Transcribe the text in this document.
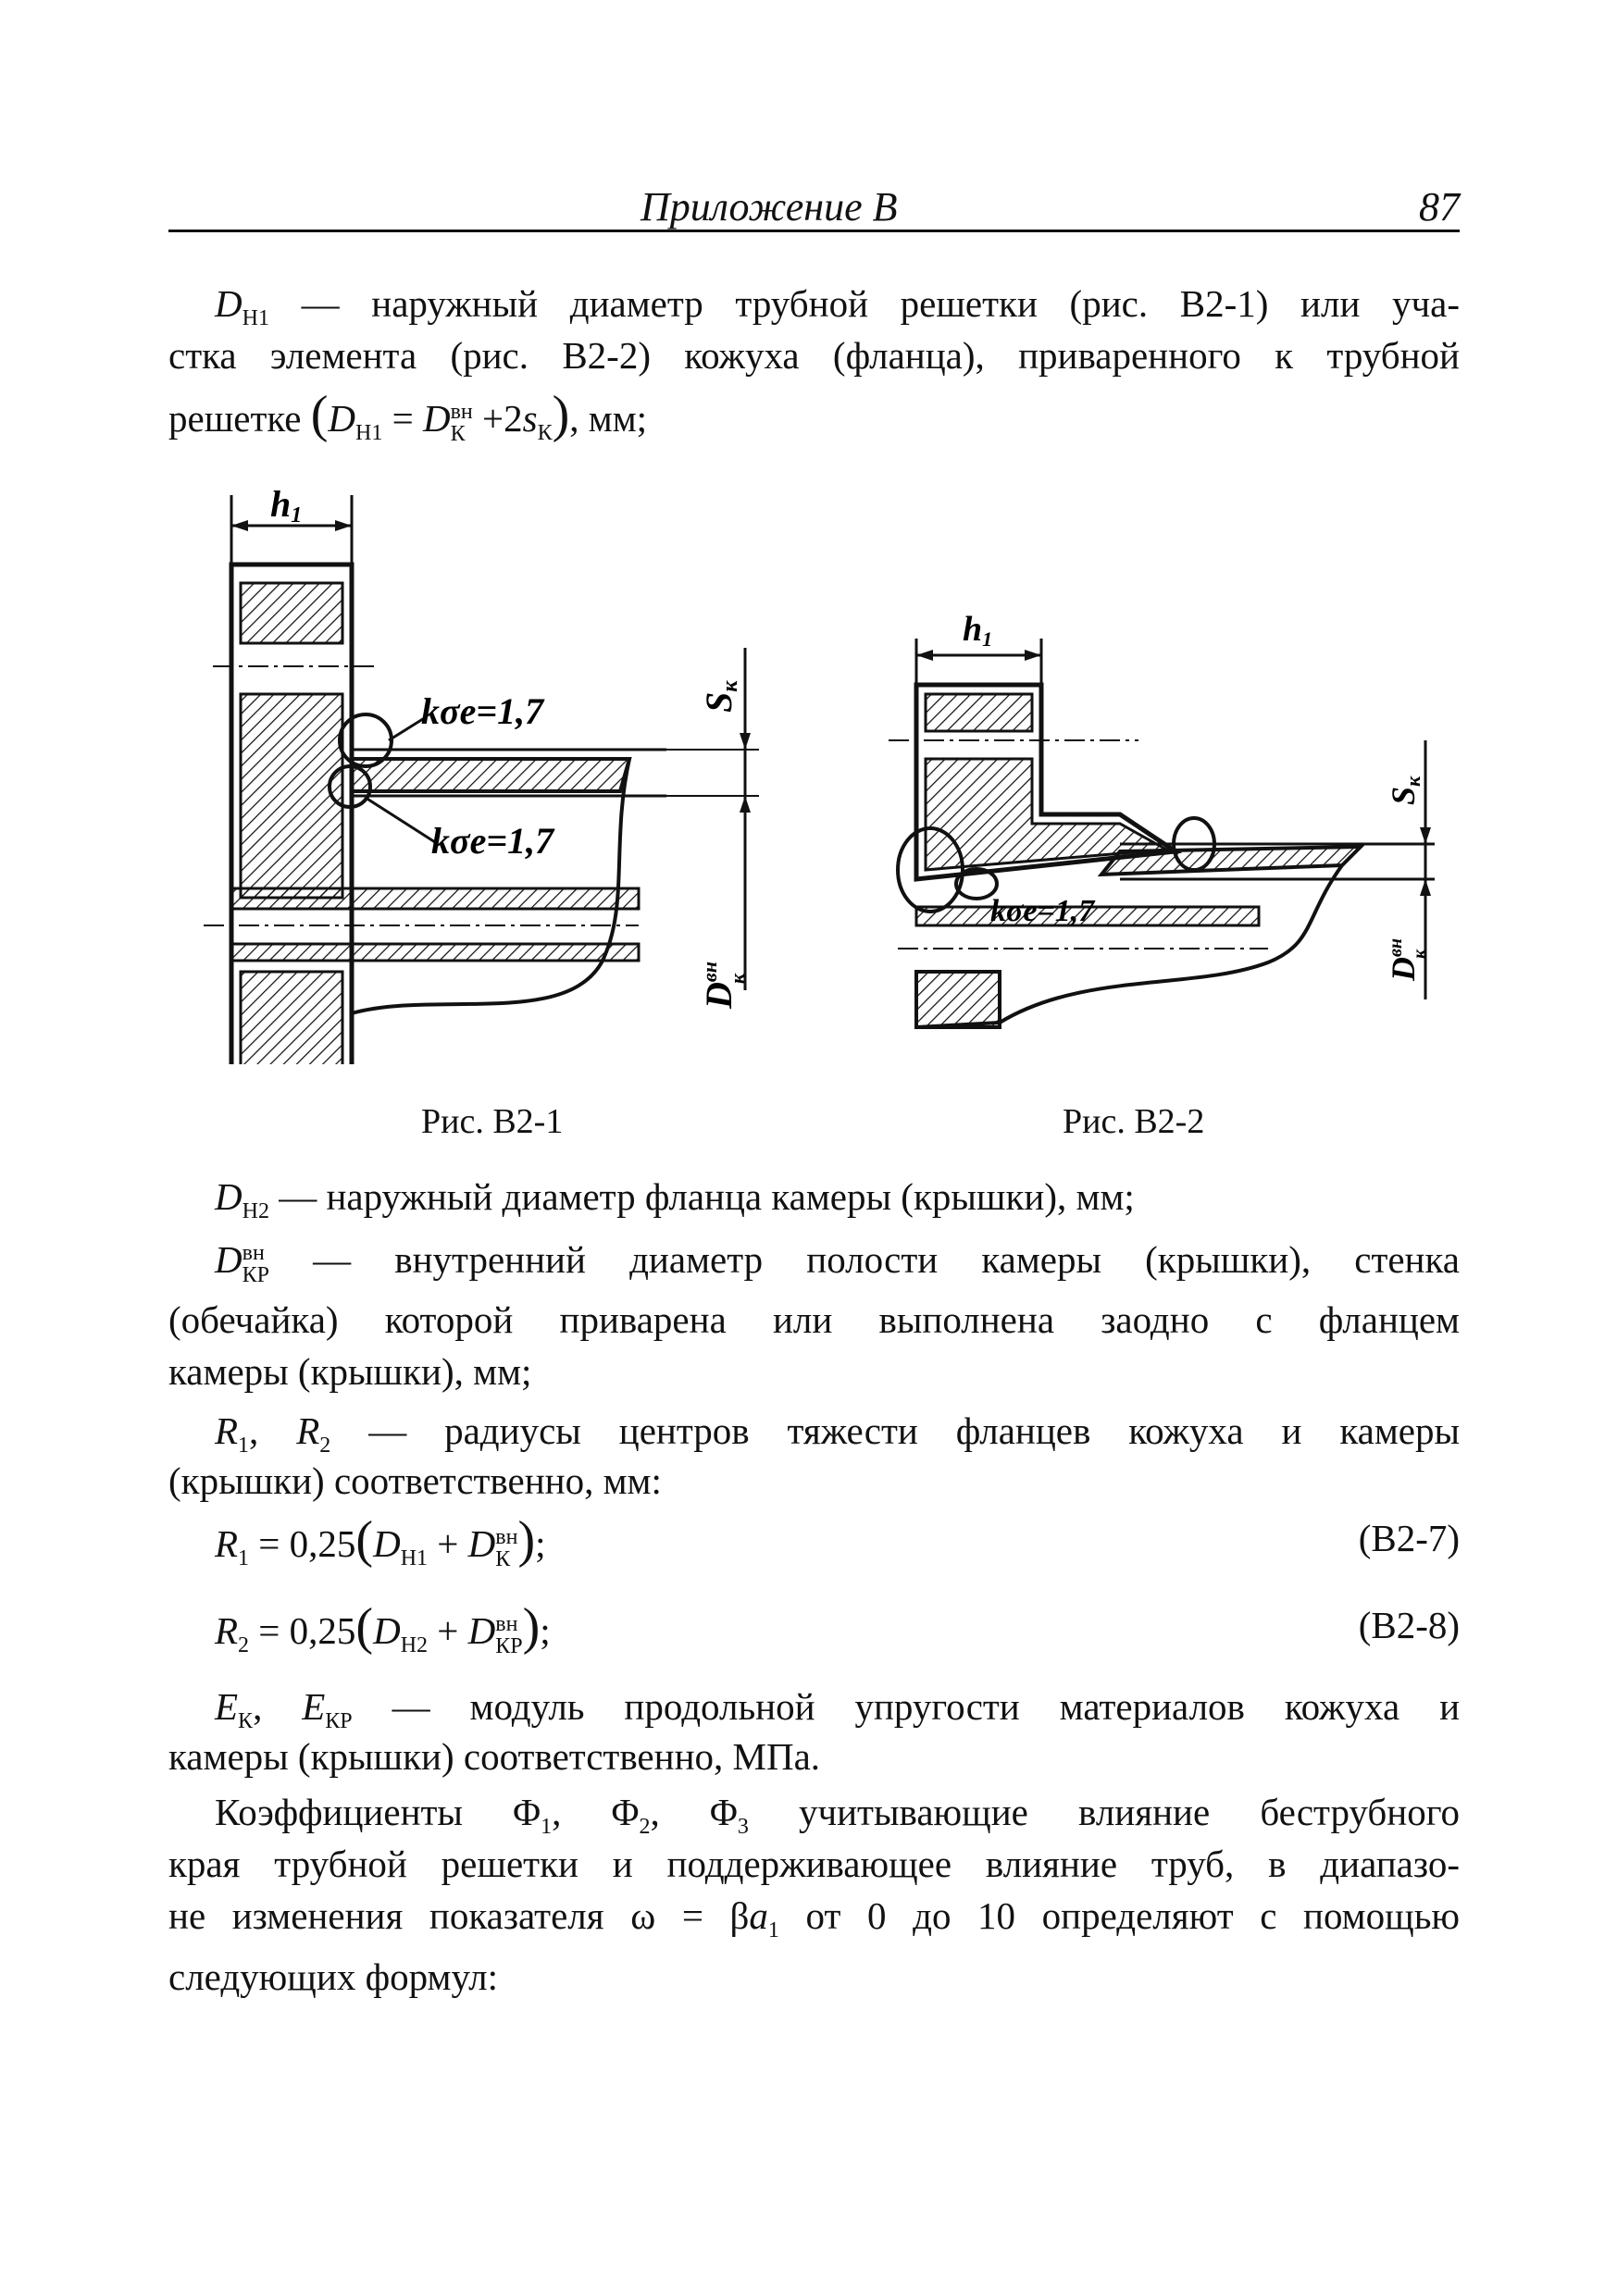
Приложение В	87
$D_{Н1}$ — наружный диаметр трубной решетки (рис. В2-1) или уча-
стка элемента (рис. В2-2) кожуха (фланца), приваренного к трубной
решетке ($D_{Н1}$ = Dвн
$К +2s_К$), мм;
h1
kσe=1,7
kσe=1,7
Sк
$D^{вн}$ к
h1
kσe=1,7
Sк
$D^{вн}$ к
Рис. В2-1	Рис. В2-2
$D_{Н2}$ — наружный диаметр фланца камеры (крышки), мм;
Dвн
КР — внутренний диаметр полости камеры (крышки), стенка
(обечайка) которой приварена или выполнена заодно с фланцем
камеры (крышки), мм;
$R_1$, $R_2$ — радиусы центров тяжести фланцев кожуха и камеры
(крышки) соответственно, мм:
$R_1 = 0,25(D_{Н1}$ + Dвн
К );	(В2-7)
$R_2 = 0,25(D_{Н2}$ + Dвн
КР);	(В2-8)
$E_К$, $E_{КР}$ — модуль продольной упругости материалов кожуха и
камеры (крышки) соответственно, МПа.
Коэффициенты $\Phi_1$, $\Phi_2$, $\Phi_3$ учитывающие влияние беструбного
края трубной решетки и поддерживающее влияние труб, в диапазо-
не изменения показателя $\omega = \beta a_1$ от 0 до 10 определяют с помощью
следующих формул:
